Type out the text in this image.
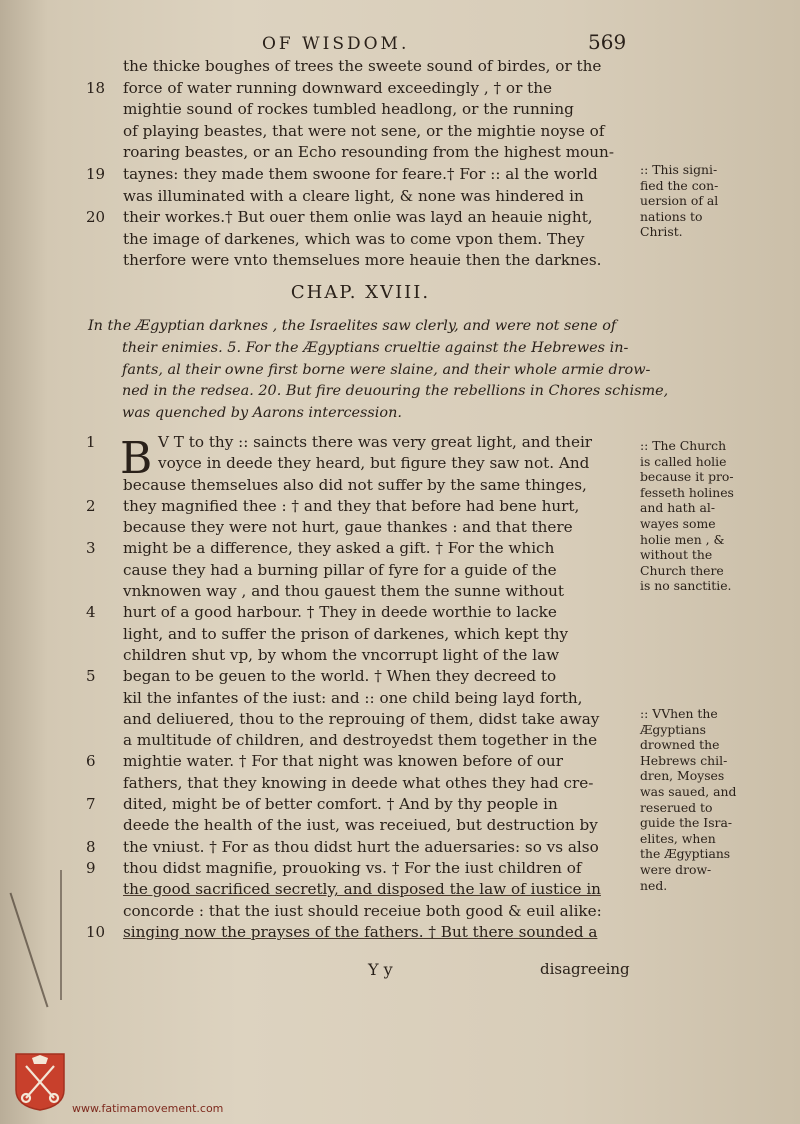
OF WISDOM.	569
the thicke boughes of trees the sweete sound of birdes, or the
18	force of water running downward exceedingly , † or the
mightie sound of rockes tumbled headlong, or the running
of playing beastes, that were not sene, or the mightie noyse of
roaring beastes, or an Echo resounding from the highest moun-
19	taynes: they made them swoone for feare.† For :: al the world
was illuminated with a cleare light, & none was hindered in
20	their workes.† But ouer them onlie was layd an heauie night,
the image of darkenes, which was to come vpon them. They
therfore were vnto themselues more heauie then the darknes.
:: This signi-
fied the con-
uersion of al
nations to
Christ.
CHAP. XVIII.
In the Ægyptian darknes , the Israelites saw clerly, and were not sene of
their enimies. 5. For the Ægyptians crueltie against the Hebrewes in-
fants, al their owne first borne were slaine, and their whole armie drow-
ned in the redsea. 20. But fire deuouring the rebellions in Chores schisme,
was quenched by Aarons intercession.
B
1	V T to thy :: saincts there was very great light, and their
voyce in deede they heard, but figure they saw not. And
because themselues also did not suffer by the same thinges,
2	they magnified thee : † and they that before had bene hurt,
because they were not hurt, gaue thankes : and that there
3	might be a difference, they asked a gift. † For the which
cause they had a burning pillar of fyre for a guide of the
vnknowen way , and thou gauest them the sunne without
4	hurt of a good harbour. † They in deede worthie to lacke
light, and to suffer the prison of darkenes, which kept thy
children shut vp, by whom the vncorrupt light of the law
5	began to be geuen to the world. † When they decreed to
kil the infantes of the iust: and :: one child being layd forth,
and deliuered, thou to the reprouing of them, didst take away
a multitude of children, and destroyedst them together in the
6	mightie water. † For that night was knowen before of our
fathers, that they knowing in deede what othes they had cre-
7	dited, might be of better comfort. † And by thy people in
deede the health of the iust, was receiued, but destruction by
8	the vniust. † For as thou didst hurt the aduersaries: so vs also
9	thou didst magnifie, prouoking vs. † For the iust children of
the good sacrificed secretly, and disposed the law of iustice in
concorde : that the iust should receiue both good & euil alike:
10	singing now the prayses of the fathers. † But there sounded a
:: The Church
is called holie
because it pro-
fesseth holines
and hath al-
wayes some
holie men , &
without the
Church there
is no sanctitie.
:: VVhen the
Ægyptians
drowned the
Hebrews chil-
dren, Moyses
was saued, and
reserued to
guide the Isra-
elites, when
the Ægyptians
were drow-
ned.
Y y	disagreeing
www.fatimamovement.com
